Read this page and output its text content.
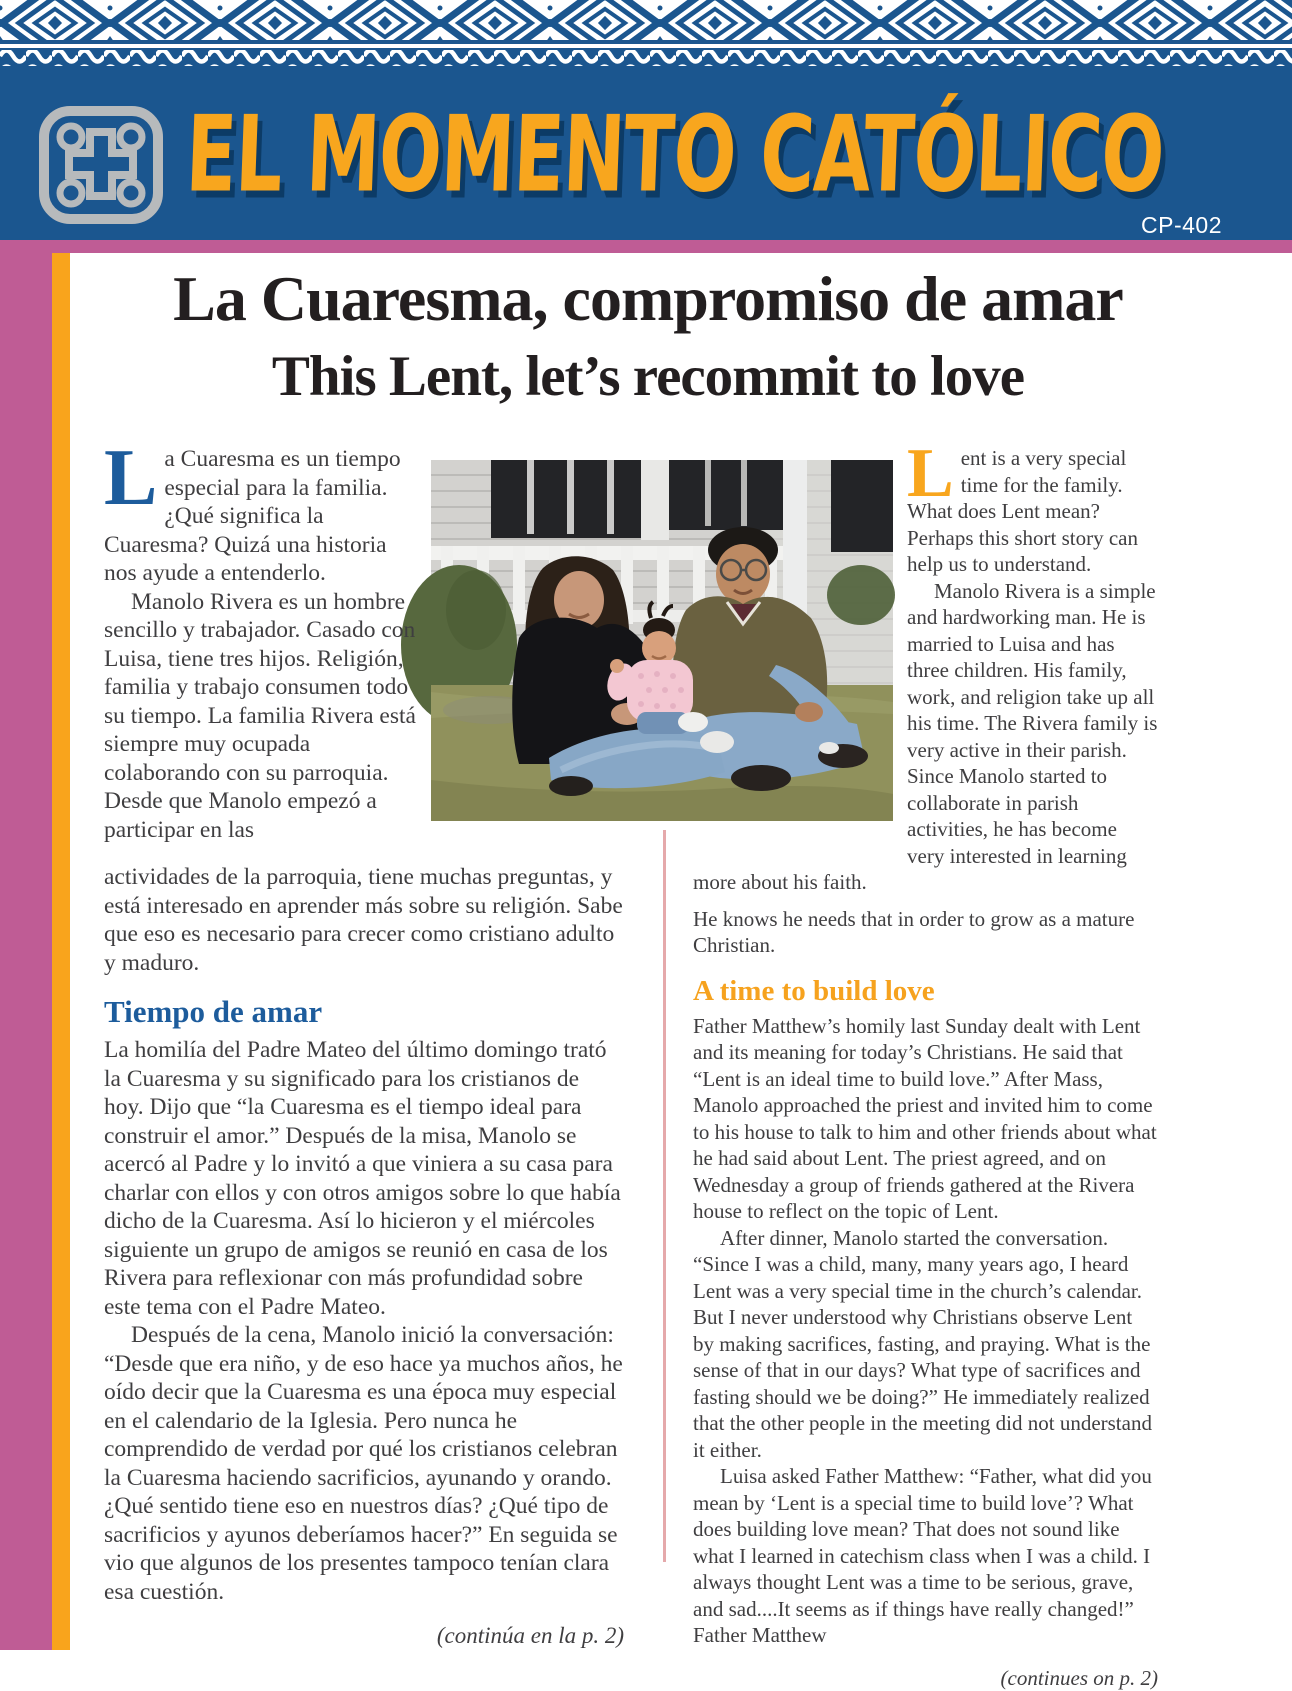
EL MOMENTO CATÓLICO
CP-402
La Cuaresma, compromiso de amar
This Lent, let’s recommit to love

La Cuaresma es un tiempo especial para la familia. ¿Qué significa la Cuaresma? Quizá una historia nos ayude a entenderlo.

Manolo Rivera es un hombre sencillo y trabajador. Casado con Luisa, tiene tres hijos. Religión, familia y trabajo consumen todo su tiempo. La familia Rivera está siempre muy ocupada colaborando con su parroquia. Desde que Manolo empezó a participar en las

actividades de la parroquia, tiene muchas preguntas, y está interesado en aprender más sobre su religión. Sabe que eso es necesario para crecer como cristiano adulto y maduro.

Tiempo de amar

La homilía del Padre Mateo del último domingo trató la Cuaresma y su significado para los cristianos de hoy. Dijo que “la Cuaresma es el tiempo ideal para construir el amor.” Después de la misa, Manolo se acercó al Padre y lo invitó a que viniera a su casa para charlar con ellos y con otros amigos sobre lo que había dicho de la Cuaresma. Así lo hicieron y el miércoles siguiente un grupo de amigos se reunió en casa de los Rivera para reflexionar con más profundidad sobre este tema con el Padre Mateo.

Después de la cena, Manolo inició la conversación: “Desde que era niño, y de eso hace ya muchos años, he oído decir que la Cuaresma es una época muy especial en el calendario de la Iglesia. Pero nunca he comprendido de verdad por qué los cristianos celebran la Cuaresma haciendo sacrificios, ayunando y orando. ¿Qué sentido tiene eso en nuestros días? ¿Qué tipo de sacrificios y ayunos deberíamos hacer?” En seguida se vio que algunos de los presentes tampoco tenían clara esa cuestión.

(continúa en la p. 2)

Lent is a very special time for the family. What does Lent mean? Perhaps this short story can help us to understand.

Manolo Rivera is a simple and hardworking man. He is married to Luisa and has three children. His family, work, and religion take up all his time. The Rivera family is very active in their parish. Since Manolo started to collaborate in parish activities, he has become very interested in learning more about his faith.

He knows he needs that in order to grow as a mature Christian.

A time to build love

Father Matthew’s homily last Sunday dealt with Lent and its meaning for today’s Christians. He said that “Lent is an ideal time to build love.” After Mass, Manolo approached the priest and invited him to come to his house to talk to him and other friends about what he had said about Lent. The priest agreed, and on Wednesday a group of friends gathered at the Rivera house to reflect on the topic of Lent.

After dinner, Manolo started the conversation. “Since I was a child, many, many years ago, I heard Lent was a very special time in the church’s calendar. But I never understood why Christians observe Lent by making sacrifices, fasting, and praying. What is the sense of that in our days? What type of sacrifices and fasting should we be doing?” He immediately realized that the other people in the meeting did not understand it either.

Luisa asked Father Matthew: “Father, what did you mean by ‘Lent is a special time to build love’? What does building love mean? That does not sound like what I learned in catechism class when I was a child. I always thought Lent was a time to be serious, grave, and sad....It seems as if things have really changed!” Father Matthew

(continues on p. 2)
